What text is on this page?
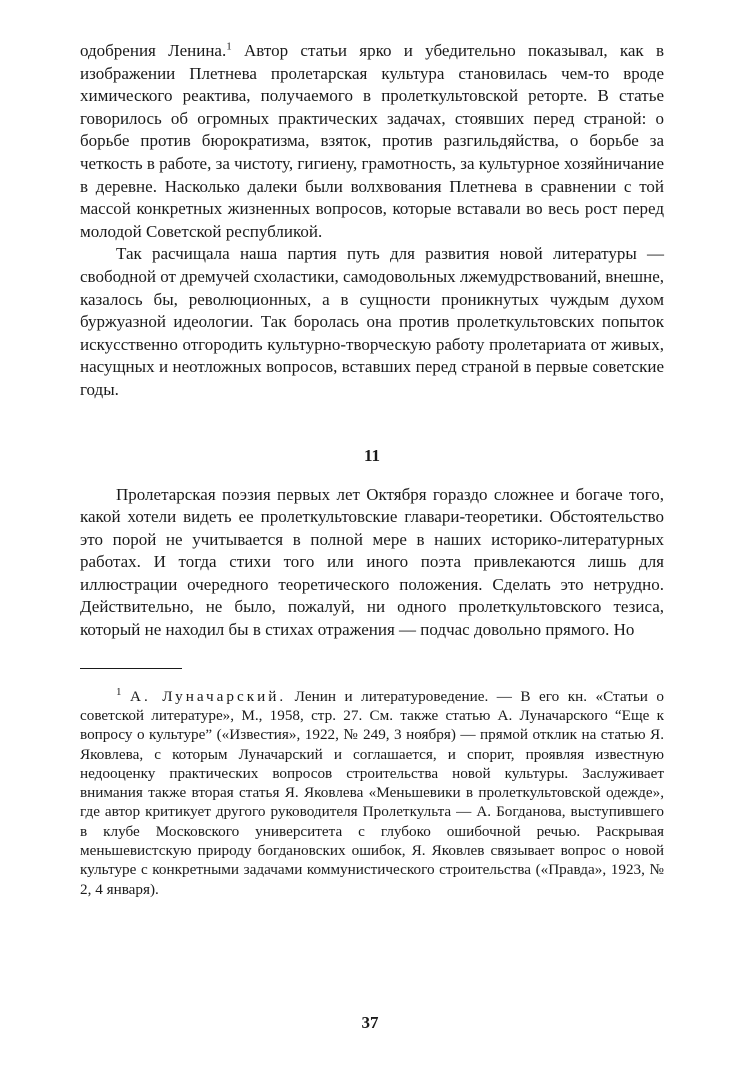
одобрения Ленина.$^1$ Автор статьи ярко и убедительно показывал, как в изображении Плетнева пролетарская культура становилась чем-то вроде химического реактива, получаемого в пролеткультовской реторте. В статье говорилось об огромных практических задачах, стоявших перед страной: о борьбе против бюрократизма, взяток, против разгильдяйства, о борьбе за четкость в работе, за чистоту, гигиену, грамотность, за культурное хозяйничание в деревне. Насколько далеки были волхвования Плетнева в сравнении с той массой конкретных жизненных вопросов, которые вставали во весь рост перед молодой Советской республикой.

Так расчищала наша партия путь для развития новой литературы — свободной от дремучей схоластики, самодовольных лжемудрствований, внешне, казалось бы, революционных, а в сущности проникнутых чуждым духом буржуазной идеологии. Так боролась она против пролеткультовских попыток искусственно отгородить культурно-творческую работу пролетариата от живых, насущных и неотложных вопросов, вставших перед страной в первые советские годы.

11

Пролетарская поэзия первых лет Октября гораздо сложнее и богаче того, какой хотели видеть ее пролеткультовские главари-теоретики. Обстоятельство это порой не учитывается в полной мере в наших историко-литературных работах. И тогда стихи того или иного поэта привлекаются лишь для иллюстрации очередного теоретического положения. Сделать это нетрудно. Действительно, не было, пожалуй, ни одного пролеткультовского тезиса, который не находил бы в стихах отражения — подчас довольно прямого. Но

$^1$ А. Луначарский. Ленин и литературоведение. — В его кн. «Статьи о советской литературе», М., 1958, стр. 27. См. также статью А. Луначарского “Еще к вопросу о культуре” («Известия», 1922, № 249, 3 ноября) — прямой отклик на статью Я. Яковлева, с которым Луначарский и соглашается, и спорит, проявляя известную недооценку практических вопросов строительства новой культуры. Заслуживает внимания также вторая статья Я. Яковлева «Меньшевики в пролеткультовской одежде», где автор критикует другого руководителя Пролеткульта — А. Богданова, выступившего в клубе Московского университета с глубоко ошибочной речью. Раскрывая меньшевистскую природу богдановских ошибок, Я. Яковлев связывает вопрос о новой культуре с конкретными задачами коммунистического строительства («Правда», 1923, № 2, 4 января).

37
